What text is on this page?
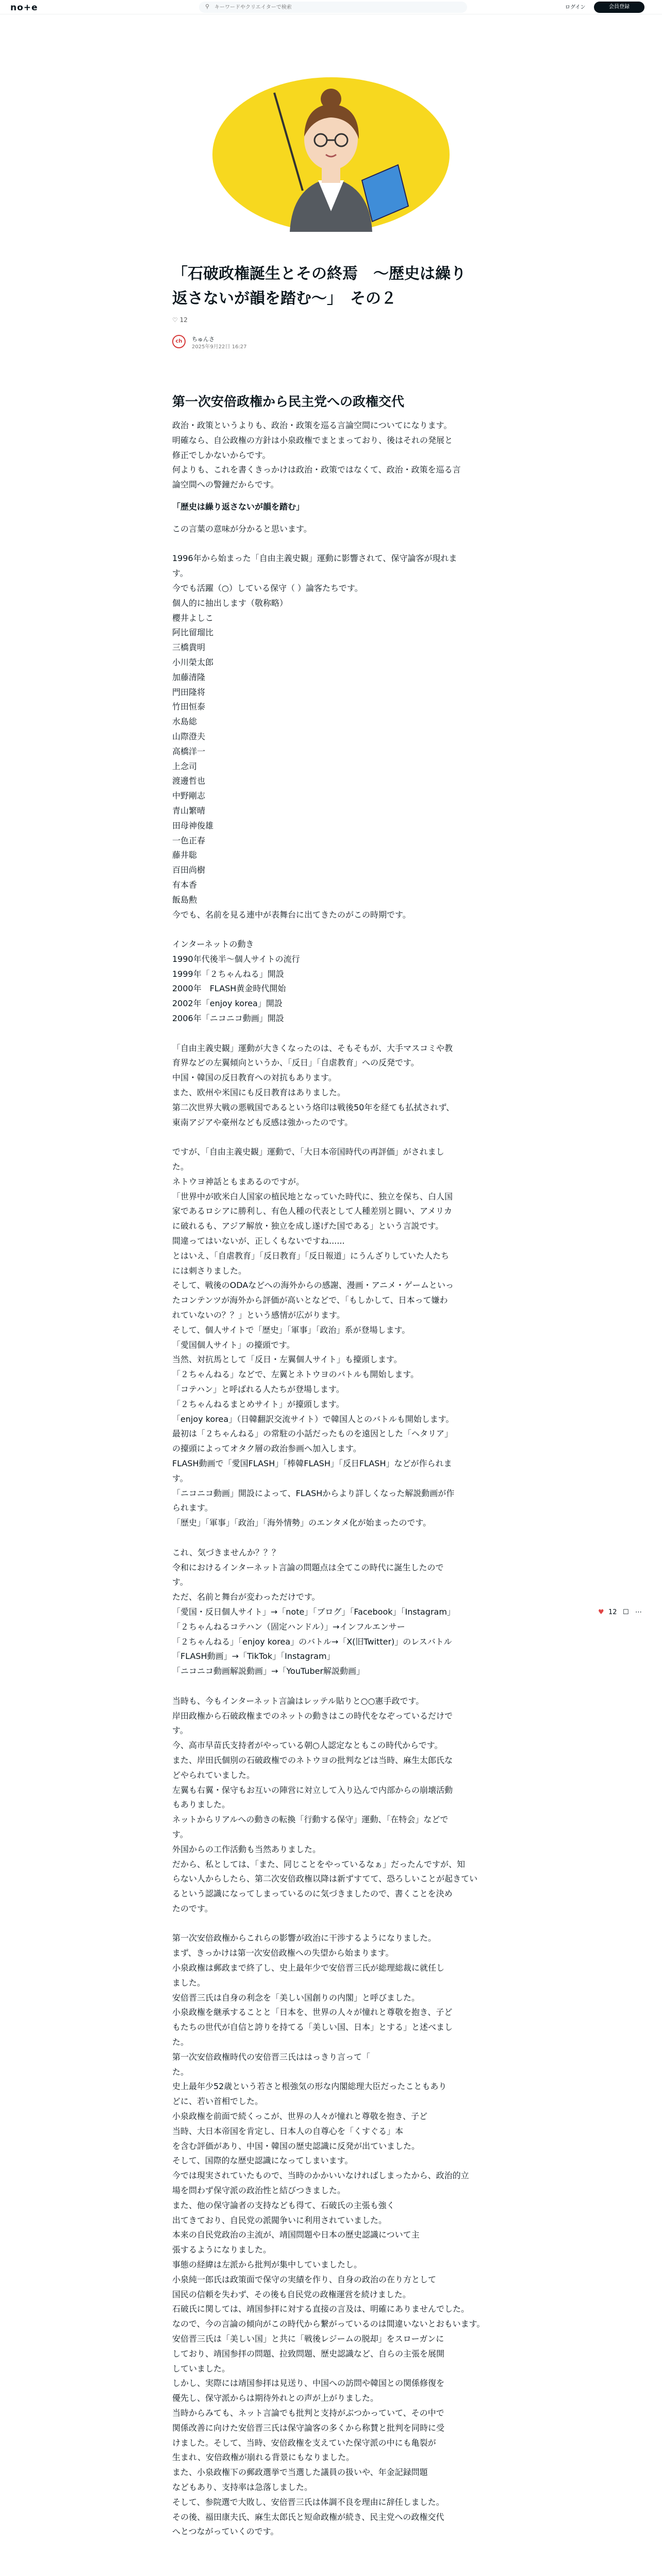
no+e	⚲
キーワードやクリエイターで検索	ログイン	会員登録
「石破政権誕生とその終焉　〜歴史は繰り
返さないが韻を踏む〜」　その２
♡ 12
ch	ちゅんさ
2025年9月22日 16:27
第一次安倍政権から民主党への政権交代

政治・政策というよりも、政治・政策を巡る言論空間についてになります。

明確なら、自公政権の方針は小泉政権でまとまっており、後はそれの発展と

修正でしかないからです。

何よりも、これを書くきっかけは政治・政策ではなくて、政治・政策を巡る言

論空間への警鐘だからです。

「歴史は繰り返さないが韻を踏む」

この言葉の意味が分かると思います。

1996年から始まった「自由主義史観」運動に影響されて、保守論客が現れま

す。

今でも活躍（○）している保守（ ）論客たちです。

個人的に抽出します（敬称略）

櫻井よしこ

阿比留瑠比

三橋貴明

小川榮太郎

加藤清隆

門田隆将

竹田恒泰

水島総

山際澄夫

高橋洋一

上念司

渡邊哲也

中野剛志

青山繁晴

田母神俊雄

一色正春

藤井聡

百田尚樹

有本香

飯島勲

今でも、名前を見る連中が表舞台に出てきたのがこの時期です。

インターネットの動き

1990年代後半〜個人サイトの流行

1999年「２ちゃんねる」開設

2000年　FLASH黄金時代開始

2002年「enjoy korea」開設

2006年「ニコニコ動画」開設

「自由主義史観」運動が大きくなったのは、そもそもが、大手マスコミや教

育界などの左翼傾向というか、「反日」「自虐教育」への反発です。

中国・韓国の反日教育への対抗もあります。

また、欧州や米国にも反日教育はありました。

第二次世界大戦の悪戦国であるという烙印は戦後50年を経ても払拭されず、

東南アジアや豪州なども反感は強かったのです。

ですが、「自由主義史観」運動で、「大日本帝国時代の再評価」がされまし

た。

ネトウヨ神話ともまあるのですが。

「世界中が欧米白人国家の植民地となっていた時代に、独立を保ち、白人国

家であるロシアに勝利し、有色人種の代表として人種差別と闘い、アメリカ

に破れるも、アジア解放・独立を成し遂げた国である」という言説です。

間違ってはいないが、正しくもないですね......

とはいえ、「自虐教育」「反日教育」「反日報道」にうんざりしていた人たち

には刺さりました。

そして、戦後のODAなどへの海外からの感謝、漫画・アニメ・ゲームといっ

たコンテンツが海外から評価が高いとなどで、「もしかして、日本って嫌わ

れていないの？？」という感情が広がります。

そして、個人サイトで「歴史」「軍事」「政治」系が登場します。

「愛国個人サイト」の擡頭です。

当然、対抗馬として「反日・左翼個人サイト」も擡頭します。

「２ちゃんねる」などで、左翼とネトウヨのバトルも開始します。

「コテハン」と呼ばれる人たちが登場します。

「２ちゃんねるまとめサイト」が擡頭します。

「enjoy korea」（日韓翻訳交流サイト）で韓国人とのバトルも開始します。

最初は「２ちゃんねる」の常駐の小話だったものを遠因とした「ヘタリア」

の擡頭によってオタク層の政治参画へ加入します。

FLASH動画で「愛国FLASH」「棒韓FLASH」「反日FLASH」などが作られま

す。

「ニコニコ動画」開設によって、FLASHからより詳しくなった解説動画が作

られます。

「歴史」「軍事」「政治」「海外情勢」のエンタメ化が始まったのです。

これ、気づきませんか？？？

令和におけるインターネット言論の問題点は全てこの時代に誕生したので

す。

ただ、名前と舞台が変わっただけです。

「愛国・反日個人サイト」→「note」「ブログ」「Facebook」「Instagram」

「２ちゃんねるコテハン（固定ハンドル）」→インフルエンサー

「２ちゃんねる」「enjoy korea」のバトル→「X(旧Twitter)」のレスバトル

「FLASH動画」→「TikTok」「Instagram」

「ニコニコ動画解説動画」→「YouTuber解説動画」

当時も、今もインターネット言論はレッテル貼りと○○憲手政です。

岸田政権から石破政権までのネットの動きはこの時代をなぞっているだけで

す。

今、高市早苗氏支持者がやっている朝○人認定なともこの時代からです。

また、岸田氏個別の石破政権でのネトウヨの批判などは当時、麻生太郎氏な

どやられていました。

左翼も右翼・保守もお互いの陣営に対立して入り込んで内部からの崩壊活動

もありました。

ネットからリアルへの動きの転換「行動する保守」運動、「在特会」などで

す。

外国からの工作活動も当然ありました。

だから、私としては、「また、同じことをやっているなぁ」だったんですが、知

らない人からしたら、第二次安倍政権以降は新ずすてて、恐ろしいことが起きてい

るという認識になってしまっているのに気づきましたので、書くことを決め

たのです。

第一次安倍政権からこれらの影響が政治に干渉するようになりました。

まず、きっかけは第一次安倍政権への失望から始まります。

小泉政権は郵政まで終了し、史上最年少で安倍晋三氏が総理総裁に就任し

ました。

安倍晋三氏は自身の利念を「美しい国創りの内閣」と呼びました。

小泉政権を継承することと「日本を、世界の人々が憧れと尊敬を抱き、子ど

もたちの世代が自信と誇りを持てる「美しい国、日本」とする」と述べまし

た。

第一次安倍政権時代の安倍晋三氏ははっきり言って「

た。

史上最年少52歳という若さと根強気の形な内閣総理大臣だったこともあり

どに、若い首相でした。

小泉政権を前面で続くっこが、世界の人々が憧れと尊敬を抱き、子ど

当時、大日本帝国を肯定し、日本人の自尊心を「くすぐる」本

を含む評価があり、中国・韓国の歴史認識に反発が出ていました。

そして、国際的な歴史認識になってしまいます。

今では現実されていたもので、当時のかかいいなければしまったから、政治的立

場を問わず保守派の政治性と結びつきました。

また、他の保守論者の支持なども得て、石破氏の主張も強く

出てきており、自民党の派閥争いに利用されていました。

本来の自民党政治の主流が、靖国問題や日本の歴史認識について主

張するようになりました。

事態の経緯は左派から批判が集中していましたし。

小泉純一郎氏は政策面で保守の実績を作り、自身の政治の在り方として

国民の信頼を失わず、その後も自民党の政権運営を続けました。

石破氏に関しては、靖国参拝に対する直接の言及は、明確にありませんでした。

なので、今の言論の傾向がこの時代から繋がっているのは間違いないとおもいます。

安倍晋三氏は「美しい国」と共に「戦後レジームの脱却」をスローガンに

しており、靖国参拝の問題、拉致問題、歴史認識など、自らの主張を展開

していました。

しかし、実際には靖国参拝は見送り、中国への訪問や韓国との関係修復を

優先し、保守派からは期待外れとの声が上がりました。

当時からみても、ネット言論でも批判と支持がぶつかっていて、その中で

関係改善に向けた安倍晋三氏は保守論客の多くから称賛と批判を同時に受

けました。そして、当時、安倍政権を支えていた保守派の中にも亀裂が

生まれ、安倍政権が崩れる背景にもなりました。

また、小泉政権下の郵政選挙で当選した議員の扱いや、年金記録問題

などもあり、支持率は急落しました。

そして、参院選で大敗し、安倍晋三氏は体調不良を理由に辞任しました。

その後、福田康夫氏、麻生太郎氏と短命政権が続き、民主党への政権交代

へとつながっていくのです。

♥ 12 ☐ ⋯
